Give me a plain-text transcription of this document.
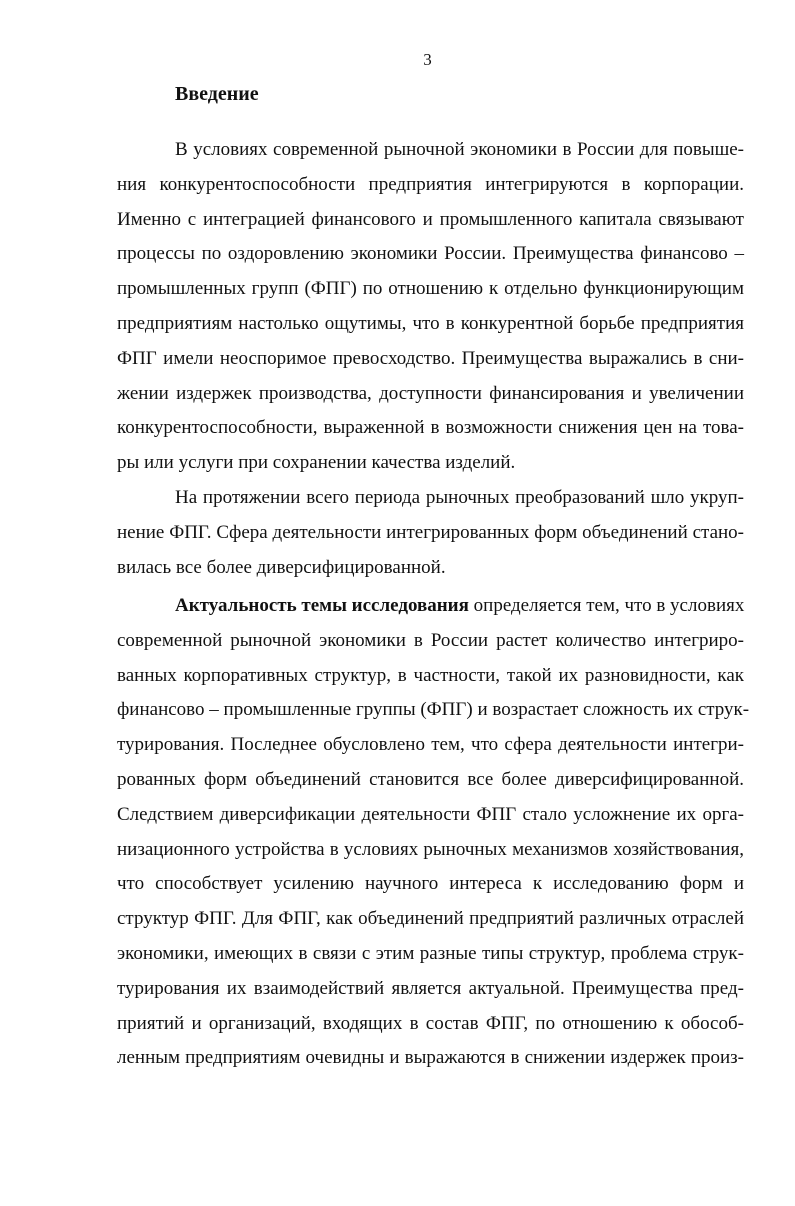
3
Введение
В условиях современной рыночной экономики в России для повыше-
ния конкурентоспособности предприятия интегрируются в корпорации.
Именно с интеграцией финансового и промышленного капитала связывают
процессы по оздоровлению экономики России. Преимущества финансово –
промышленных групп (ФПГ) по отношению к отдельно функционирующим
предприятиям настолько ощутимы, что в конкурентной борьбе предприятия
ФПГ имели неоспоримое превосходство. Преимущества выражались в сни-
жении издержек производства, доступности финансирования и увеличении
конкурентоспособности, выраженной в возможности снижения цен на това-
ры или услуги при сохранении качества изделий.
На протяжении всего периода рыночных преобразований шло укруп-
нение ФПГ. Сфера деятельности интегрированных форм объединений стано-
вилась все более диверсифицированной.
Актуальность темы исследования определяется тем, что в условиях
современной рыночной экономики в России растет количество интегриро-
ванных корпоративных структур, в частности, такой их разновидности, как
финансово – промышленные группы (ФПГ) и возрастает сложность их струк-
турирования. Последнее обусловлено тем, что сфера деятельности интегри-
рованных форм объединений становится все более диверсифицированной.
Следствием диверсификации деятельности ФПГ стало усложнение их орга-
низационного устройства в условиях рыночных механизмов хозяйствования,
что способствует усилению научного интереса к исследованию форм и
структур ФПГ. Для ФПГ, как объединений предприятий различных отраслей
экономики, имеющих в связи с этим разные типы структур, проблема струк-
турирования их взаимодействий является актуальной. Преимущества пред-
приятий и организаций, входящих в состав ФПГ, по отношению к обособ-
ленным предприятиям очевидны и выражаются в снижении издержек произ-
